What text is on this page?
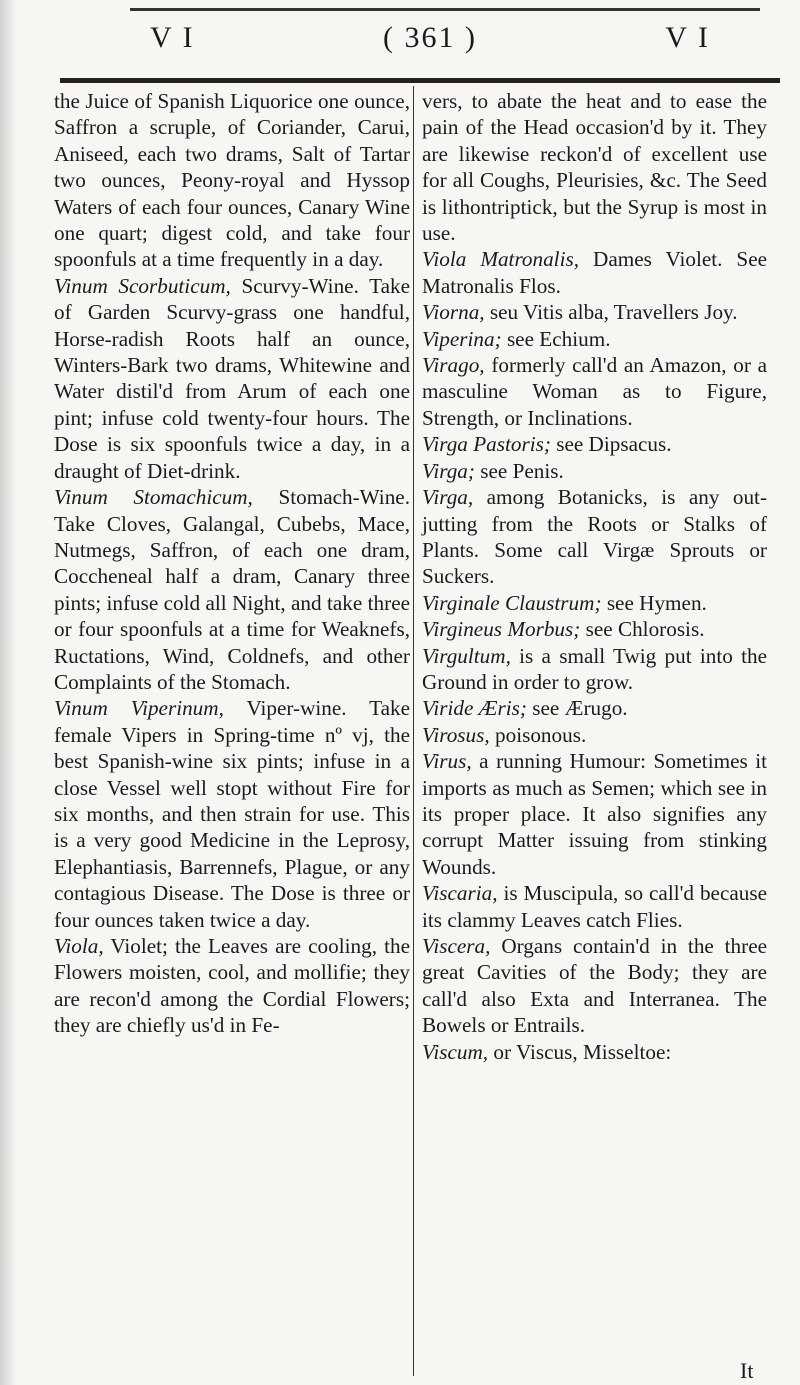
V I	( 361 )	V I

the Juice of Spanish Liquorice one ounce, Saffron a scruple, of Coriander, Carui, Aniseed, each two drams, Salt of Tartar two ounces, Peony-royal and Hyssop Waters of each four ounces, Canary Wine one quart; digest cold, and take four spoonfuls at a time frequently in a day.

Vinum Scorbuticum, Scurvy-Wine. Take of Garden Scurvy-grass one handful, Horse-radish Roots half an ounce, Winters-Bark two drams, Whitewine and Water distil'd from Arum of each one pint; infuse cold twenty-four hours. The Dose is six spoonfuls twice a day, in a draught of Diet-drink.

Vinum Stomachicum, Stomach-Wine. Take Cloves, Galangal, Cubebs, Mace, Nutmegs, Saffron, of each one dram, Coccheneal half a dram, Canary three pints; infuse cold all Night, and take three or four spoonfuls at a time for Weaknefs, Ructations, Wind, Coldnefs, and other Complaints of the Stomach.

Vinum Viperinum, Viper-wine. Take female Vipers in Spring-time nº vj, the best Spanish-wine six pints; infuse in a close Vessel well stopt without Fire for six months, and then strain for use. This is a very good Medicine in the Leprosy, Elephantiasis, Barrennefs, Plague, or any contagious Disease. The Dose is three or four ounces taken twice a day.

Viola, Violet; the Leaves are cooling, the Flowers moisten, cool, and mollifie; they are recon'd among the Cordial Flowers; they are chiefly us'd in Fe-

vers, to abate the heat and to ease the pain of the Head occasion'd by it. They are likewise reckon'd of excellent use for all Coughs, Pleurisies, &c. The Seed is lithontriptick, but the Syrup is most in use.

Viola Matronalis, Dames Violet. See Matronalis Flos.

Viorna, seu Vitis alba, Travellers Joy.

Viperina; see Echium.

Virago, formerly call'd an Amazon, or a masculine Woman as to Figure, Strength, or Inclinations.

Virga Pastoris; see Dipsacus.

Virga; see Penis.

Virga, among Botanicks, is any out-jutting from the Roots or Stalks of Plants. Some call Virgæ Sprouts or Suckers.

Virginale Claustrum; see Hymen.

Virgineus Morbus; see Chlorosis.

Virgultum, is a small Twig put into the Ground in order to grow.

Viride Æris; see Ærugo.

Virosus, poisonous.

Virus, a running Humour: Sometimes it imports as much as Semen; which see in its proper place. It also signifies any corrupt Matter issuing from stinking Wounds.

Viscaria, is Muscipula, so call'd because its clammy Leaves catch Flies.

Viscera, Organs contain'd in the three great Cavities of the Body; they are call'd also Exta and Interranea. The Bowels or Entrails.

Viscum, or Viscus, Misseltoe:

It
